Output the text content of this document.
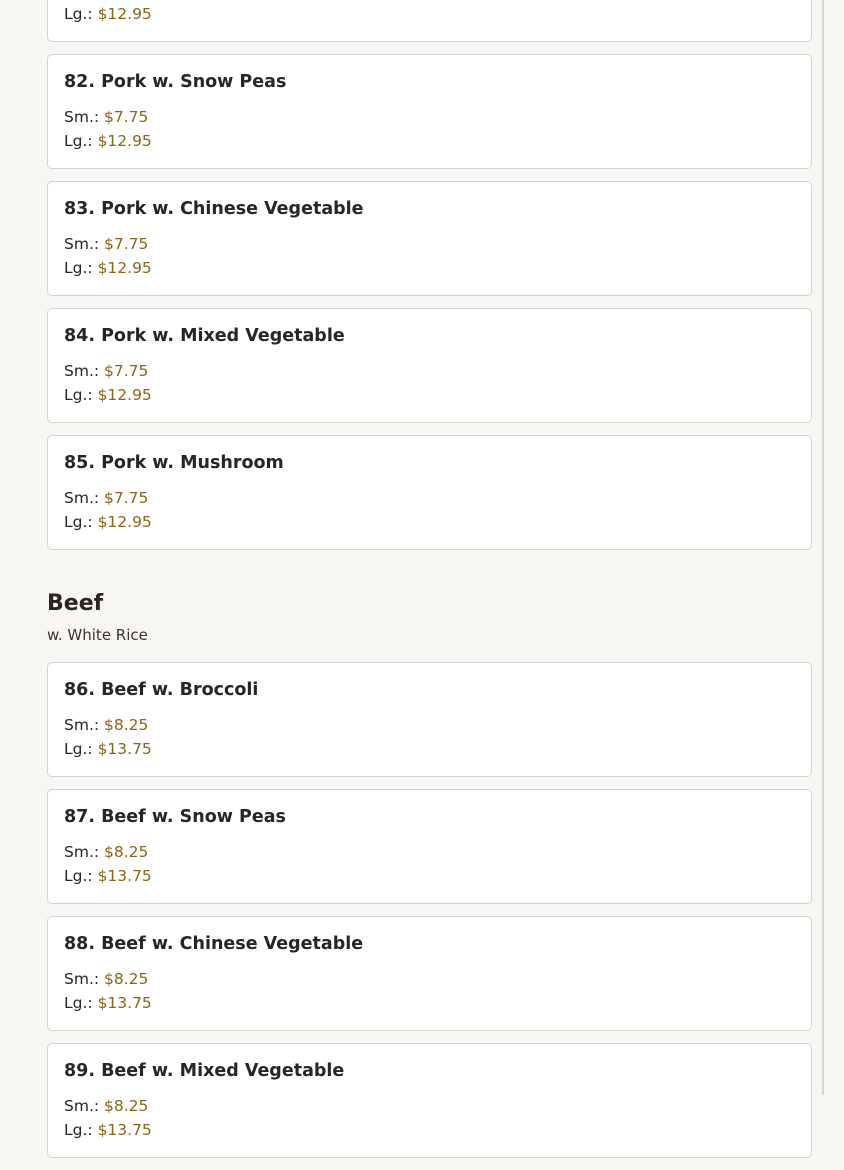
Lg.: $12.95
82. Pork w. Snow Peas
Sm.: $7.75
Lg.: $12.95
83. Pork w. Chinese Vegetable
Sm.: $7.75
Lg.: $12.95
84. Pork w. Mixed Vegetable
Sm.: $7.75
Lg.: $12.95
85. Pork w. Mushroom
Sm.: $7.75
Lg.: $12.95
Beef
w. White Rice
86. Beef w. Broccoli
Sm.: $8.25
Lg.: $13.75
87. Beef w. Snow Peas
Sm.: $8.25
Lg.: $13.75
88. Beef w. Chinese Vegetable
Sm.: $8.25
Lg.: $13.75
89. Beef w. Mixed Vegetable
Sm.: $8.25
Lg.: $13.75
